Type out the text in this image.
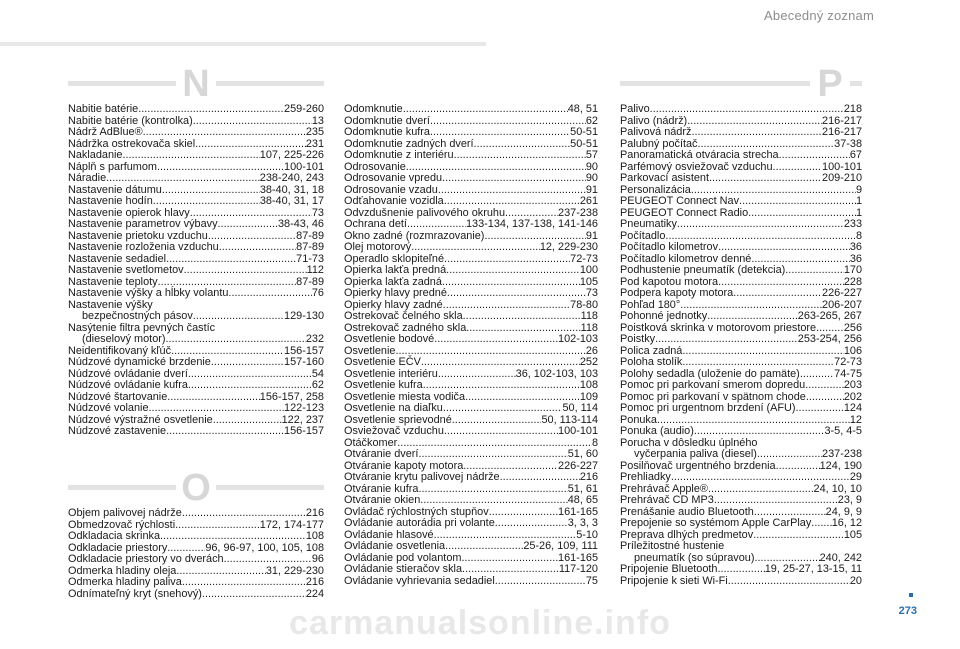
Abecedný zoznam
N
O
P
Nabitie batérie .....	259-260
Nabitie batérie (kontrolka) .....	13
Nádrž AdBlue® .....	235
Nádržka ostrekovača skiel .....	231
Nakladanie .....	107, 225-226
Náplň s parfumom .....	100-101
Náradie .....	238-240, 243
Nastavenie dátumu .....	38-40, 31, 18
Nastavenie hodín .....	38-40, 31, 17
Nastavenie opierok hlavy .....	73
Nastavenie parametrov výbavy .....	38-43, 46
Nastavenie prietoku vzduchu .....	87-89
Nastavenie rozloženia vzduchu .....	87-89
Nastavenie sedadiel .....	71-73
Nastavenie svetlometov .....	112
Nastavenie teploty .....	87-89
Nastavenie výšky a hĺbky volantu .....	76
Nastavenie výšky
bezpečnostných pásov .....	129-130
Nasýtenie filtra pevných častíc
(dieselový motor) .....	232
Neidentifikovaný kľúč .....	156-157
Núdzové dynamické brzdenie .....	157-160
Núdzové ovládanie dverí .....	54
Núdzové ovládanie kufra .....	62
Núdzové štartovanie .....	156-157, 258
Núdzové volanie .....	122-123
Núdzové výstražné osvetlenie .....	122, 237
Núdzové zastavenie .....	156-157
Objem palivovej nádrže .....	216
Obmedzovač rýchlosti .....	172, 174-177
Odkladacia skrinka .....	108
Odkladacie priestory .....	96, 96-97, 100, 105, 108
Odkladacie priestory vo dverách .....	96
Odmerka hladiny oleja .....	31, 229-230
Odmerka hladiny paliva .....	216
Odnímateľný kryt (snehový) .....	224
Odomknutie .....	48, 51
Odomknutie dverí .....	62
Odomknutie kufra .....	50-51
Odomknutie zadných dverí .....	50-51
Odomknutie z interiéru .....	57
Odrosovanie .....	90
Odrosovanie vpredu .....	90
Odrosovanie vzadu .....	91
Odťahovanie vozidla .....	261
Odvzdušnenie palivového okruhu .....	237-238
Ochrana detí .....	133-134, 137-138, 141-146
Okno zadné (rozmrazovanie) .....	91
Olej motorový .....	12, 229-230
Operadlo sklopiteľné .....	72-73
Opierka lakťa predná .....	100
Opierka lakťa zadná .....	105
Opierky hlavy predné .....	73
Opierky hlavy zadné .....	78-80
Ostrekovač čelného skla .....	118
Ostrekovač zadného skla .....	118
Osvetlenie bodové .....	102-103
Osvetlenie .....	26
Osvetlenie EČV .....	252
Osvetlenie interiéru .....	36, 102-103, 103
Osvetlenie kufra .....	108
Osvetlenie miesta vodiča .....	109
Osvetlenie na diaľku .....	50, 114
Osvetlenie sprievodné .....	50, 113-114
Osviežovač vzduchu .....	100-101
Otáčkomer .....	8
Otváranie dverí .....	51, 60
Otváranie kapoty motora .....	226-227
Otváranie krytu palivovej nádrže .....	216
Otváranie kufra .....	51, 61
Otváranie okien .....	48, 65
Ovládač rýchlostných stupňov .....	161-165
Ovládanie autorádia pri volante .....	3, 3, 3
Ovládanie hlasové .....	5-10
Ovládanie osvetlenia .....	25-26, 109, 111
Ovládanie pod volantom .....	161-165
Ovládanie stieračov skla .....	117-120
Ovládanie vyhrievania sedadiel .....	75
Palivo .....	218
Palivo (nádrž) .....	216-217
Palivová nádrž .....	216-217
Palubný počítač .....	37-38
Panoramatická otváracia strecha .....	67
Parfémový osviežovač vzduchu .....	100-101
Parkovací asistent .....	209-210
Personalizácia .....	9
PEUGEOT Connect Nav .....	1
PEUGEOT Connect Radio .....	1
Pneumatiky .....	233
Počítadlo .....	8
Počítadlo kilometrov .....	36
Počítadlo kilometrov denné .....	36
Podhustenie pneumatík (detekcia) .....	170
Pod kapotou motora .....	228
Podpera kapoty motora .....	226-227
Pohľad 180° .....	206-207
Pohonné jednotky .....	263-265, 267
Poistková skrinka v motorovom priestore .....	256
Poistky .....	253-254, 256
Polica zadná .....	106
Poloha stolík .....	72-73
Polohy sedadla (uloženie do pamäte) .....	74-75
Pomoc pri parkovaní smerom dopredu .....	203
Pomoc pri parkovaní v spätnom chode .....	202
Pomoc pri urgentnom brzdení (AFU) .....	124
Ponuka .....	12
Ponuka (audio) .....	3-5, 4-5
Porucha v dôsledku úplného
vyčerpania paliva (diesel) .....	237-238
Posilňovač urgentného brzdenia .....	124, 190
Prehliadky .....	29
Prehrávač Apple® .....	24, 10, 10
Prehrávač CD MP3 .....	23, 9
Prenášanie audio Bluetooth .....	24, 9, 9
Prepojenie so systémom Apple CarPlay ..... 16, 12
Preprava dlhých predmetov .....	105
Príležitostné hustenie
pneumatík (so súpravou) .....	240, 242
Pripojenie Bluetooth .....	19, 25-27, 13-15, 11
Pripojenie k sieti Wi-Fi .....	20
273
carmanualsonline.info
